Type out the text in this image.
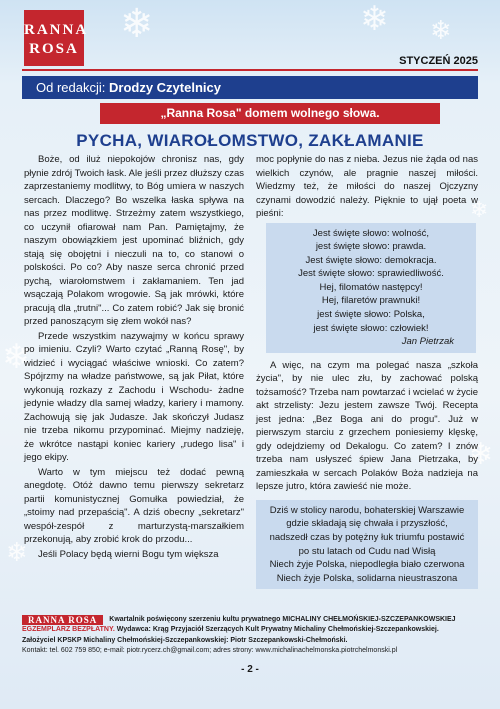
❄	❄ ❄
❄
❄
❄
❄
RANNA
ROSA
STYCZEŃ 2025
Od redakcji: Drodzy Czytelnicy
„Ranna Rosa" domem wolnego słowa.
PYCHA, WIAROŁOMSTWO, ZAKŁAMANIE

Boże, od iluż niepokojów chronisz nas, gdy płynie zdrój Twoich łask. Ale jeśli przez dłuższy czas zaprzestaniemy modlitwy, to Bóg umiera w naszych sercach. Dlaczego? Bo wszelka łaska spływa na nas przez modlitwę. Strzeżmy zatem wszystkiego, co uczynił ofiarował nam Pan. Pamiętajmy, że naszym obowiązkiem jest upominać bliźnich, gdy stają się obojętni i nieczuli na to, co stanowi o polskości. Po co? Aby nasze serca chronić przed pychą, wiarołomstwem i zakłamaniem. Ten jad wsączają Polakom wrogowie. Są jak mrówki, które pracują dla „trutni"... Co zatem robić? Jak się bronić przed panoszącym się złem wokół nas?

Przede wszystkim nazywajmy w końcu sprawy po imieniu. Czyli? Warto czytać „Ranną Rosę", by widzieć i wyciągać właściwe wnioski. Co zatem? Spójrzmy na władze państwowe, są jak Piłat, które wykonują rozkazy z Zachodu i Wschodu- żadne jedynie władzy dla samej władzy, kariery i mamony. Zachowują się jak Judasze. Jak skończył Judasz nie trzeba nikomu przypominać. Miejmy nadzieję, że wkrótce nastąpi koniec kariery „rudego lisa" i jego ekipy.

Warto w tym miejscu też dodać pewną anegdotę. Otóż dawno temu pierwszy sekretarz partii komunistycznej Gomułka powiedział, że „stoimy nad przepaścią". A dziś obecny „sekretarz" wespół-zespół z marturzystą-marszałkiem przekonują, aby zrobić krok do przodu...

Jeśli Polacy będą wierni Bogu tym większa

moc popłynie do nas z nieba. Jezus nie żąda od nas wielkich czynów, ale pragnie naszej miłości. Wiedzmy też, że miłości do naszej Ojczyzny czynami dowodzić należy. Pięknie to ujął poeta w pieśni:

Jest święte słowo: wolność,
jest święte słowo: prawda.
Jest święte słowo: demokracja.
Jest święte słowo: sprawiedliwość.
Hej, filomatów następcy!
Hej, filaretów prawnuki!
jest święte słowo: Polska,
jest święte słowo: człowiek!
Jan Pietrzak

A więc, na czym ma polegać nasza „szkoła życia", by nie ulec złu, by zachować polską tożsamość? Trzeba nam powtarzać i wcielać w życie akt strzelisty: Jezu jestem zawsze Twój. Recepta jest jedna: „Bez Boga ani do progu". Już w pierwszym starciu z grzechem poniesiemy klęskę, gdy odejdziemy od Dekalogu. Co zatem? I znów trzeba nam usłyszeć śpiew Jana Pietrzaka, by zamieszkała w sercach Polaków Boża nadzieja na lepsze jutro, która zawieść nie może.

Dziś w stolicy narodu, bohaterskiej Warszawie
gdzie składają się chwała i przyszłość,
nadszedł czas by potężny łuk triumfu postawić
po stu latach od Cudu nad Wisłą
Niech żyje Polska, niepodległa biało czerwona
Niech żyje Polska, solidarna nieustraszona
RANNA ROSA	Kwartalnik poświęcony szerzeniu kultu prywatnego MICHALINY CHEŁMOŃSKIEJ-SZCZEPANKOWSKIEJ
EGZEMPLARZ BEZPŁATNY. Wydawca: Krąg Przyjaciół Szerzących Kult Prywatny Michaliny Chełmońskiej-Szczepankowskiej.
Założyciel KPSKP Michaliny Chełmońskiej-Szczepankowskiej: Piotr Szczepankowski-Chełmoński.
Kontakt: tel. 602 759 850; e-mail: piotr.rycerz.ch@gmail.com; adres strony: www.michalinachelmonska.piotrchelmonski.pl
- 2 -
